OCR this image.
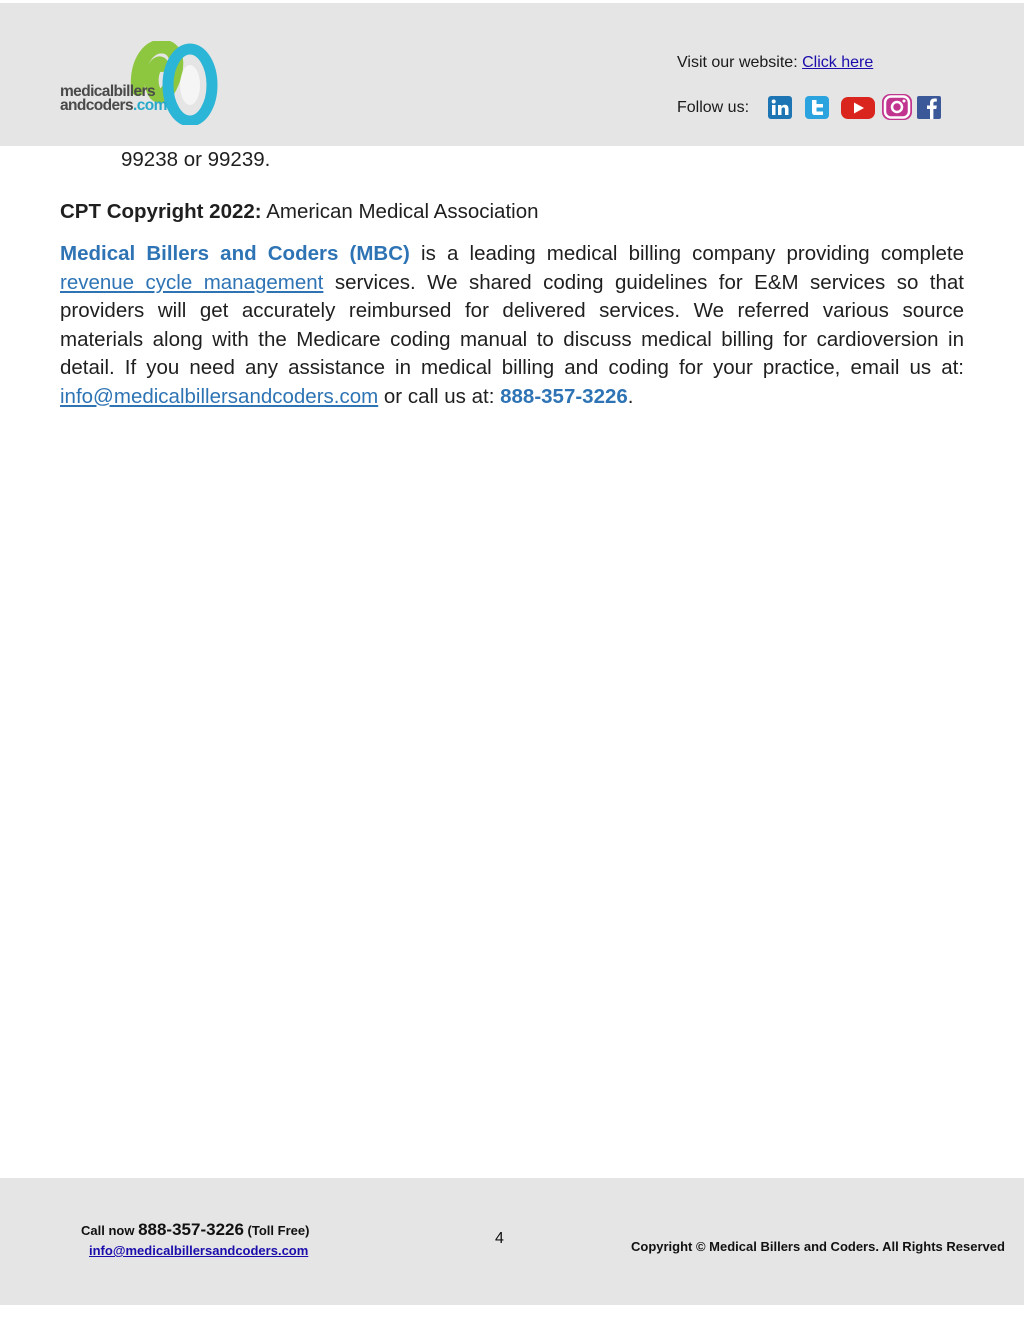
medicalbillers
andcoders.com
Visit our website: Click here
Follow us:
99238 or 99239.
CPT Copyright 2022: American Medical Association
Medical Billers and Coders (MBC) is a leading medical billing company providing complete revenue cycle management services. We shared coding guidelines for E&M services so that providers will get accurately reimbursed for delivered services. We referred various source materials along with the Medicare coding manual to discuss medical billing for cardioversion in detail. If you need any assistance in medical billing and coding for your practice, email us at: info@medicalbillersandcoders.com or call us at: 888-357-3226.
Call now 888-357-3226 (Toll Free)
info@medicalbillersandcoders.com
4	Copyright © Medical Billers and Coders. All Rights Reserved
